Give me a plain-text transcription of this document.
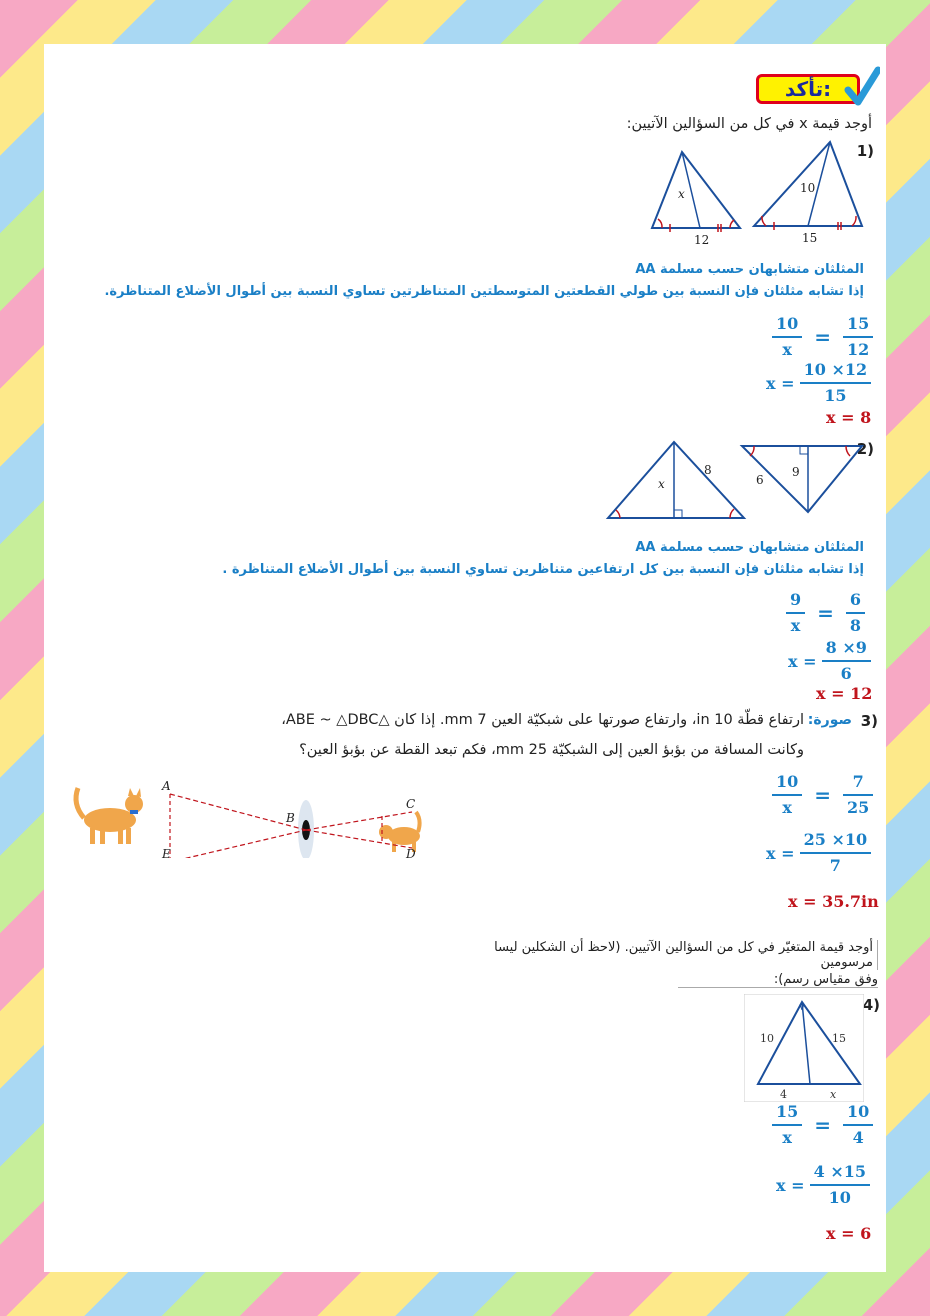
تأكد:
أوجد قيمة x في كل من السؤالين الآتيين:
1)
10
15
x
12
المثلثان متشابهان حسب مسلمة AA
إذا تشابه مثلثان فإن النسبة بين طولي القطعتين المتوسطتين المتناظرتين تساوي النسبة بين أطوال الأضلاع المتناظرة.
$\frac{10}{x} = \frac{15}{12}$
$x = \frac{10 \times 12}{15}$
x = 8
2)
6
9
8
x
المثلثان متشابهان حسب مسلمة AA
إذا تشابه مثلثان فإن النسبة بين كل ارتفاعين متناظرين تساوي النسبة بين أطوال الأضلاع المتناظرة .
$\frac{9}{x} = \frac{6}{8}$
$x = \frac{8 \times 9}{6}$
x = 12
3)
صورة:
ارتفاع قطّة 10 in، وارتفاع صورتها على شبكيّة العين 7 mm. إذا كان △ABE ~ △DBC،
وكانت المسافة من بؤبؤ العين إلى الشبكيّة 25 mm، فكم تبعد القطة عن بؤبؤ العين؟
A
E
B
C
D
$\frac{10}{x} = \frac{7}{25}$
$x = \frac{25 \times 10}{7}$
x = 35.7in
أوجد قيمة المتغيّر في كل من السؤالين الآتيين. (لاحظ أن الشكلين ليسا مرسومين
وفق مقياس رسم):
4)
10	15
4	x
$\frac{15}{x} = \frac{10}{4}$
$x = \frac{4 \times 15}{10}$
x = 6
